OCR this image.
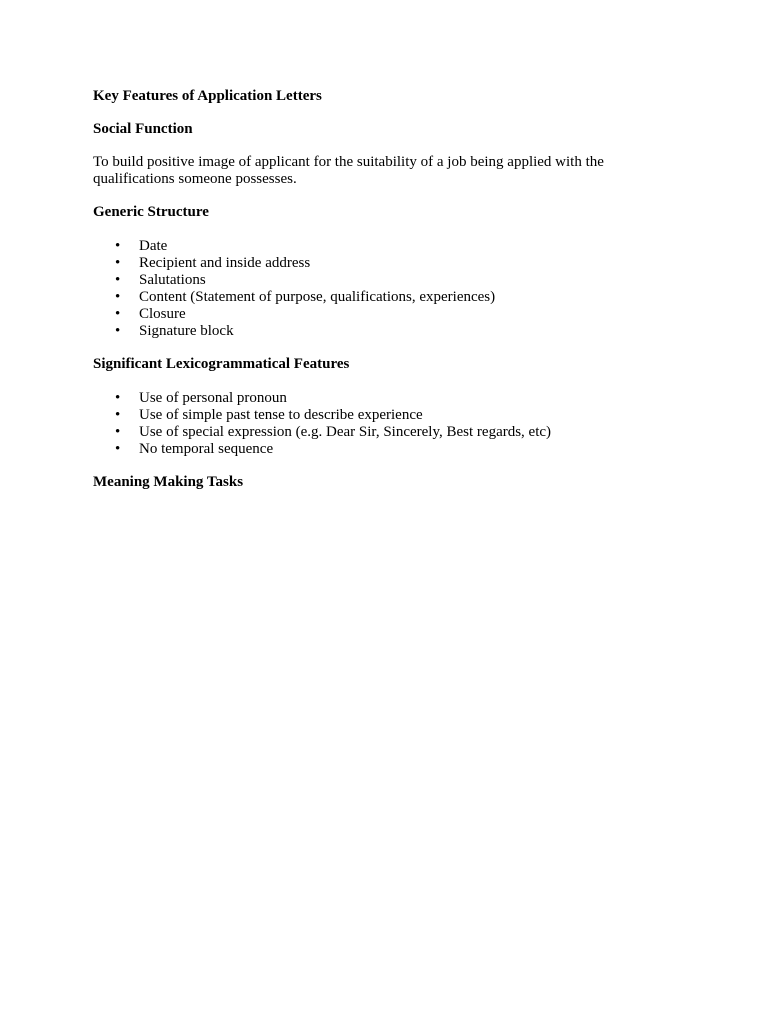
Key Features of Application Letters

Social Function

To build positive image of applicant for the suitability of a job being applied with the
qualifications someone possesses.

Generic Structure

• Date
• Recipient and inside address
• Salutations
• Content (Statement of purpose, qualifications, experiences)
• Closure
• Signature block

Significant Lexicogrammatical Features

• Use of personal pronoun
• Use of simple past tense to describe experience
• Use of special expression (e.g. Dear Sir, Sincerely, Best regards, etc)
• No temporal sequence

Meaning Making Tasks
